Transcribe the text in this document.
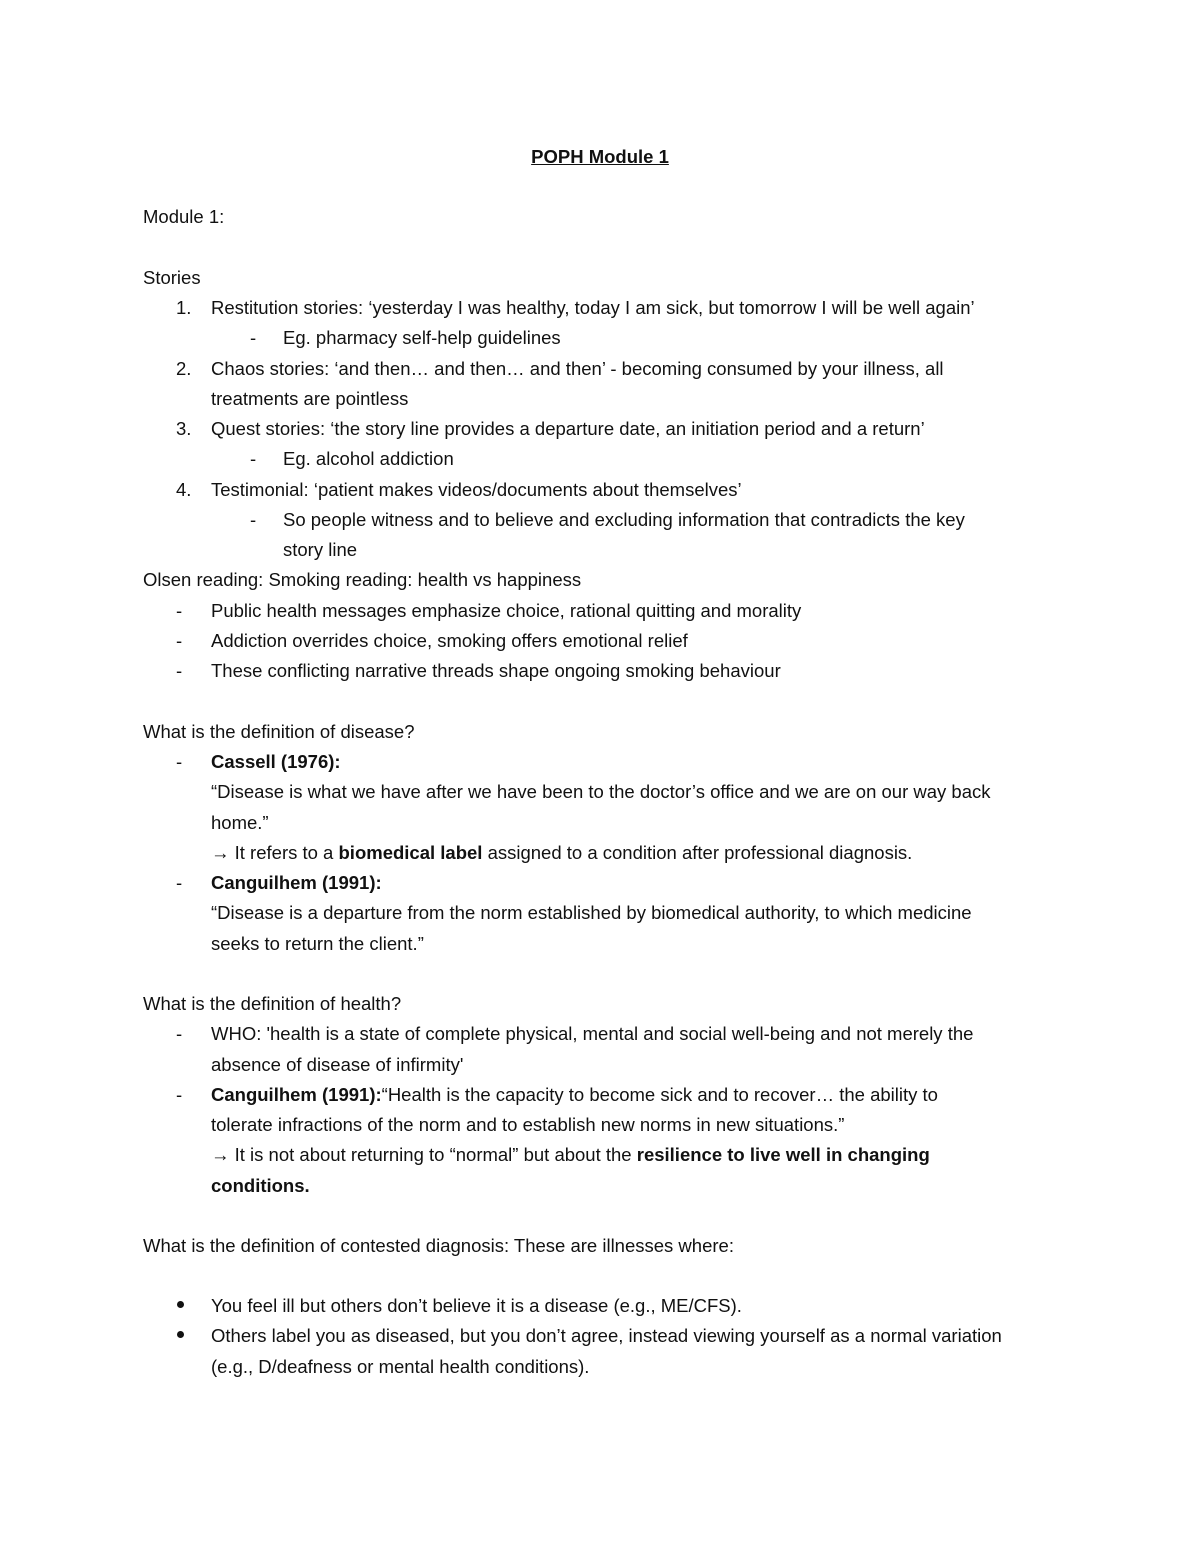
POPH Module 1
Module 1:
Stories
1. Restitution stories: ‘yesterday I was healthy, today I am sick, but tomorrow I will be well again’
- Eg. pharmacy self-help guidelines
2. Chaos stories: ‘and then… and then… and then’ - becoming consumed by your illness, all
treatments are pointless
3. Quest stories: ‘the story line provides a departure date, an initiation period and a return’
- Eg. alcohol addiction
4. Testimonial: ‘patient makes videos/documents about themselves’
- So people witness and to believe and excluding information that contradicts the key
story line
Olsen reading: Smoking reading: health vs happiness
- Public health messages emphasize choice, rational quitting and morality
- Addiction overrides choice, smoking offers emotional relief
- These conflicting narrative threads shape ongoing smoking behaviour
What is the definition of disease?
- Cassell (1976):
“Disease is what we have after we have been to the doctor’s office and we are on our way back
home.”
→ It refers to a biomedical label assigned to a condition after professional diagnosis.
- Canguilhem (1991):
“Disease is a departure from the norm established by biomedical authority, to which medicine
seeks to return the client.”
What is the definition of health?
- WHO: 'health is a state of complete physical, mental and social well-being and not merely the
absence of disease of infirmity'
- Canguilhem (1991):“Health is the capacity to become sick and to recover… the ability to
tolerate infractions of the norm and to establish new norms in new situations.”
→ It is not about returning to “normal” but about the resilience to live well in changing
conditions.
What is the definition of contested diagnosis: These are illnesses where:
You feel ill but others don’t believe it is a disease (e.g., ME/CFS).
Others label you as diseased, but you don’t agree, instead viewing yourself as a normal variation
(e.g., D/deafness or mental health conditions).
